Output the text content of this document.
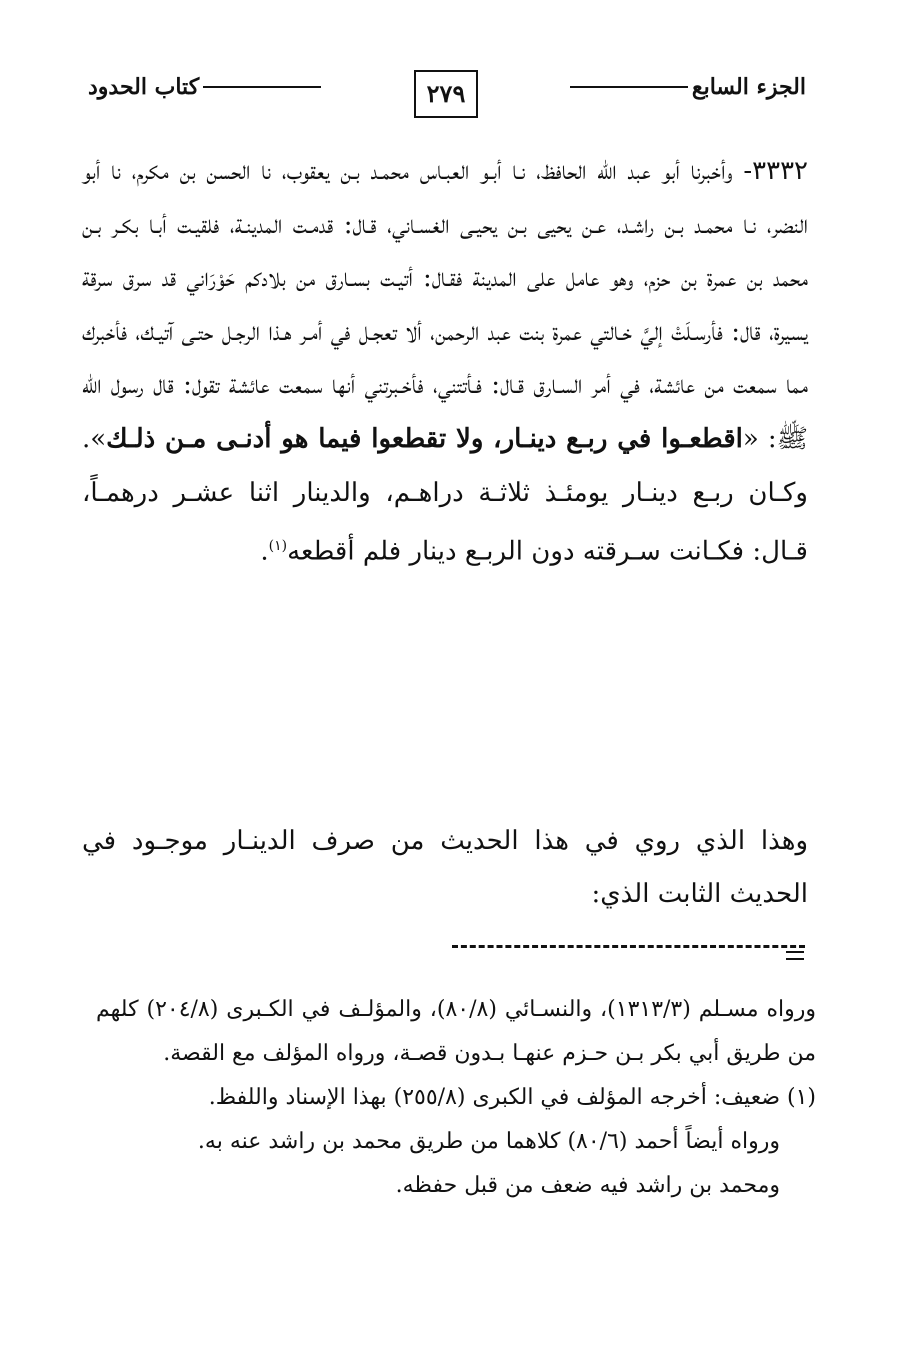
الجزء السابع
٢٧٩
كتاب الحدود
٣٣٣٢- وأخبرنا أبو عبد الله الحافظ، نـا أبـو العبـاس محمـد بـن يعقوب، نا الحسن بن مكرم، نا أبو النضر، نـا محمـد بـن راشـد، عـن يحيى بـن يحيـى الغسـاني، قـال: قدمـت المدينـة، فلقيـت أبـا بكـر بـن محمد بن عمرة بن حزم، وهو عامل على المدينة فقـال: أتيـت بسـارق من بلادكم حَوْرَاني قد سرق سرقة يسيرة، قال: فأرسـلَتْ إليَّ خـالتي عمرة بنت عبد الرحمن، ألا تعجـل في أمـر هـذا الرجـل حتـى آتيـك، فأخبرك مما سمعت من عائشة، في أمر السـارق قـال: فـأتتني، فأخـبرتني أنها سمعت عائشة تقول: قال رسول الله ﷺ: «اقطعـوا في ربـع دينـار، ولا تقطعوا فيما هو أدنـى مـن ذلـك». وكـان ربـع دينـار يومئـذ ثلاثـة دراهـم، والدينار اثنا عشـر درهمـاً، قـال: فكـانت سـرقته دون الربـع دينار فلم أقطعه$^{(١)}$.
وهذا الذي روي في هذا الحديث من صرف الدينـار موجـود في الحديث الثابت الذي:
ورواه مسـلم (١٣١٣/٣)، والنسـائي (٨٠/٨)، والمؤلـف في الكـبرى (٢٠٤/٨) كلهم من طريق أبي بكر بـن حـزم عنهـا بـدون قصـة، ورواه المؤلف مع القصة.
(١) ضعيف: أخرجه المؤلف في الكبرى (٢٥٥/٨) بهذا الإسناد واللفظ.
ورواه أيضاً أحمد (٨٠/٦) كلاهما من طريق محمد بن راشد عنه به.
ومحمد بن راشد فيه ضعف من قبل حفظه.
